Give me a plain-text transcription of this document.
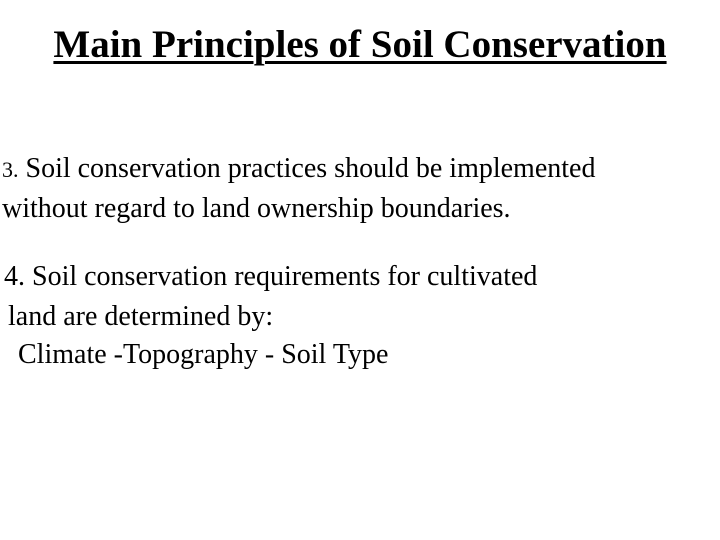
Main Principles of Soil Conservation

3. Soil conservation practices should be implemented

without regard to land ownership boundaries.

4. Soil conservation requirements for cultivated

land are determined by:

Climate -Topography - Soil Type
